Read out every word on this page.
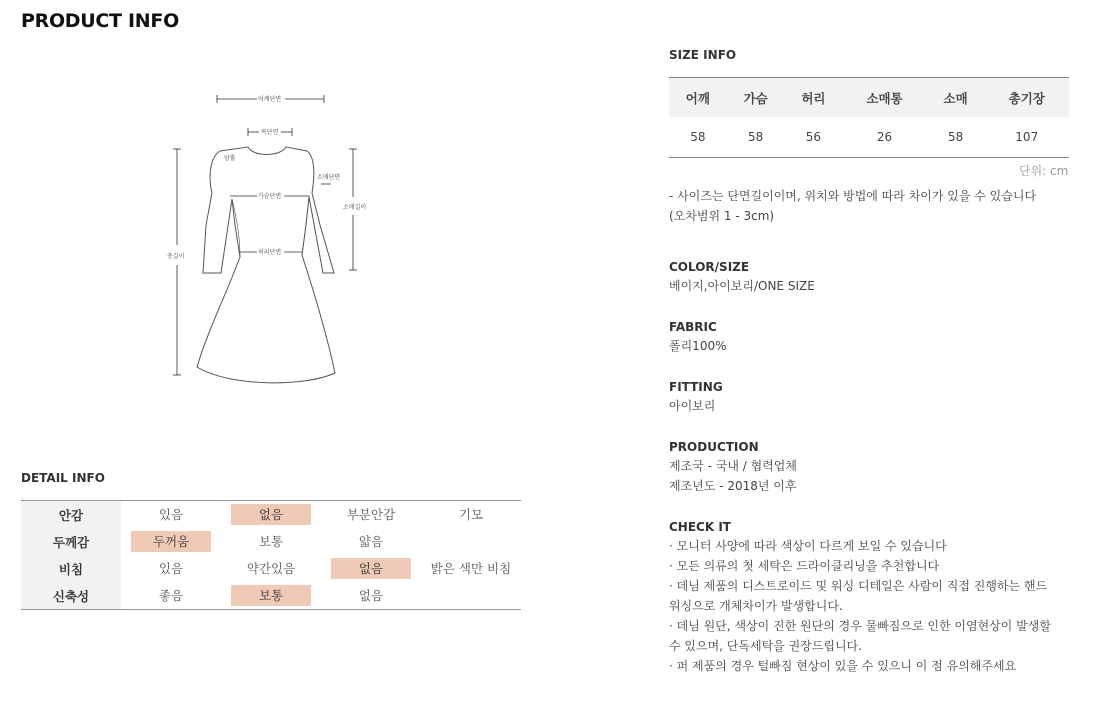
PRODUCT INFO
어깨단면
목단면
암홀
가슴단면
소매단면
소매길이
총길이
허리단면
DETAIL INFO
안감	있음	없음	부분안감	기모
두께감	두꺼움	보통	얇음	
비침	있음	약간있음	없음	밝은 색만 비침
신축성	좋음	보통	없음	
SIZE INFO
어깨	가슴	허리	소매통	소매	총기장
58	58	56	26	58	107
단위: cm
- 사이즈는 단면길이이며, 위치와 방법에 따라 차이가 있을 수 있습니다
(오차범위 1 - 3cm)
COLOR/SIZE
베이지,아이보리/ONE SIZE
FABRIC
폴리100%
FITTING
아이보리
PRODUCTION
제조국 - 국내 / 협력업체
제조년도 - 2018년 이후
CHECK IT
· 모니터 사양에 따라 색상이 다르게 보일 수 있습니다
· 모든 의류의 첫 세탁은 드라이클리닝을 추천합니다
· 데님 제품의 디스트로이드 및 워싱 디테일은 사람이 직접 진행하는 핸드
워싱으로 개체차이가 발생합니다.
· 데님 원단, 색상이 진한 원단의 경우 물빠짐으로 인한 이염현상이 발생할
수 있으며, 단독세탁을 권장드립니다.
· 퍼 제품의 경우 털빠짐 현상이 있을 수 있으니 이 점 유의해주세요
